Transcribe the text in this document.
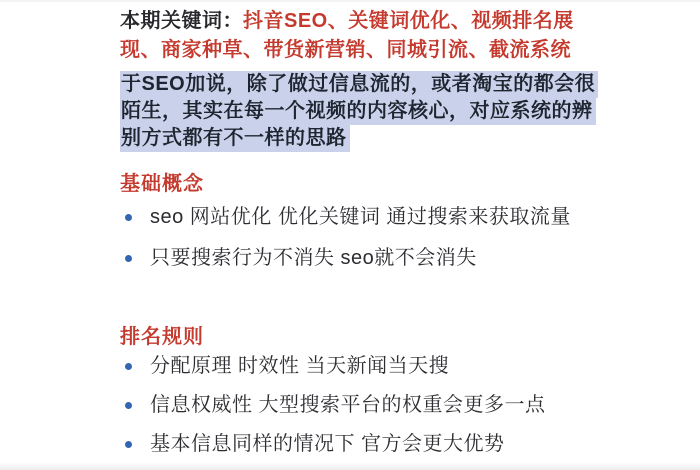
本期关键词：抖音SEO、关键词优化、视频排名展
现、商家种草、带货新营销、同城引流、截流系统
于SEO加说，除了做过信息流的，或者淘宝的都会很
陌生，其实在每一个视频的内容核心，对应系统的辨
别方式都有不一样的思路
基础概念
seo 网站优化 优化关键词 通过搜索来获取流量
只要搜索行为不消失 seo就不会消失
排名规则
分配原理 时效性 当天新闻当天搜
信息权威性 大型搜索平台的权重会更多一点
基本信息同样的情况下 官方会更大优势
